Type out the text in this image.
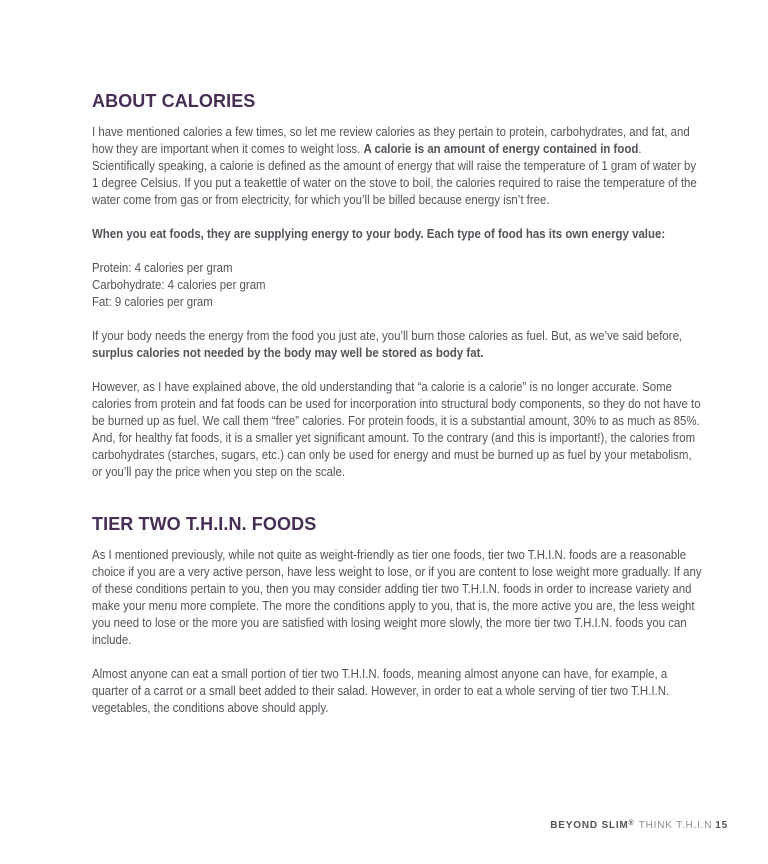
ABOUT CALORIES

I have mentioned calories a few times, so let me review calories as they pertain to protein, carbohydrates, and fat, and how they are important when it comes to weight loss. A calorie is an amount of energy contained in food. Scientifically speaking, a calorie is defined as the amount of energy that will raise the temperature of 1 gram of water by 1 degree Celsius. If you put a teakettle of water on the stove to boil, the calories required to raise the temperature of the water come from gas or from electricity, for which you’ll be billed because energy isn’t free.

When you eat foods, they are supplying energy to your body. Each type of food has its own energy value:

Protein: 4 calories per gram
Carbohydrate: 4 calories per gram
Fat: 9 calories per gram

If your body needs the energy from the food you just ate, you’ll burn those calories as fuel. But, as we’ve said before, surplus calories not needed by the body may well be stored as body fat.

However, as I have explained above, the old understanding that “a calorie is a calorie” is no longer accurate. Some calories from protein and fat foods can be used for incorporation into structural body components, so they do not have to be burned up as fuel. We call them “free” calories. For protein foods, it is a substantial amount, 30% to as much as 85%. And, for healthy fat foods, it is a smaller yet significant amount. To the contrary (and this is important!), the calories from carbohydrates (starches, sugars, etc.) can only be used for energy and must be burned up as fuel by your metabolism, or you’ll pay the price when you step on the scale.

TIER TWO T.H.I.N. FOODS

As I mentioned previously, while not quite as weight-friendly as tier one foods, tier two T.H.I.N. foods are a reasonable choice if you are a very active person, have less weight to lose, or if you are content to lose weight more gradually. If any of these conditions pertain to you, then you may consider adding tier two T.H.I.N. foods in order to increase variety and make your menu more complete. The more the conditions apply to you, that is, the more active you are, the less weight you need to lose or the more you are satisfied with losing weight more slowly, the more tier two T.H.I.N. foods you can include.

Almost anyone can eat a small portion of tier two T.H.I.N. foods, meaning almost anyone can have, for example, a quarter of a carrot or a small beet added to their salad. However, in order to eat a whole serving of tier two T.H.I.N. vegetables, the conditions above should apply.

BEYOND SLIM® THINK T.H.I.N 15
